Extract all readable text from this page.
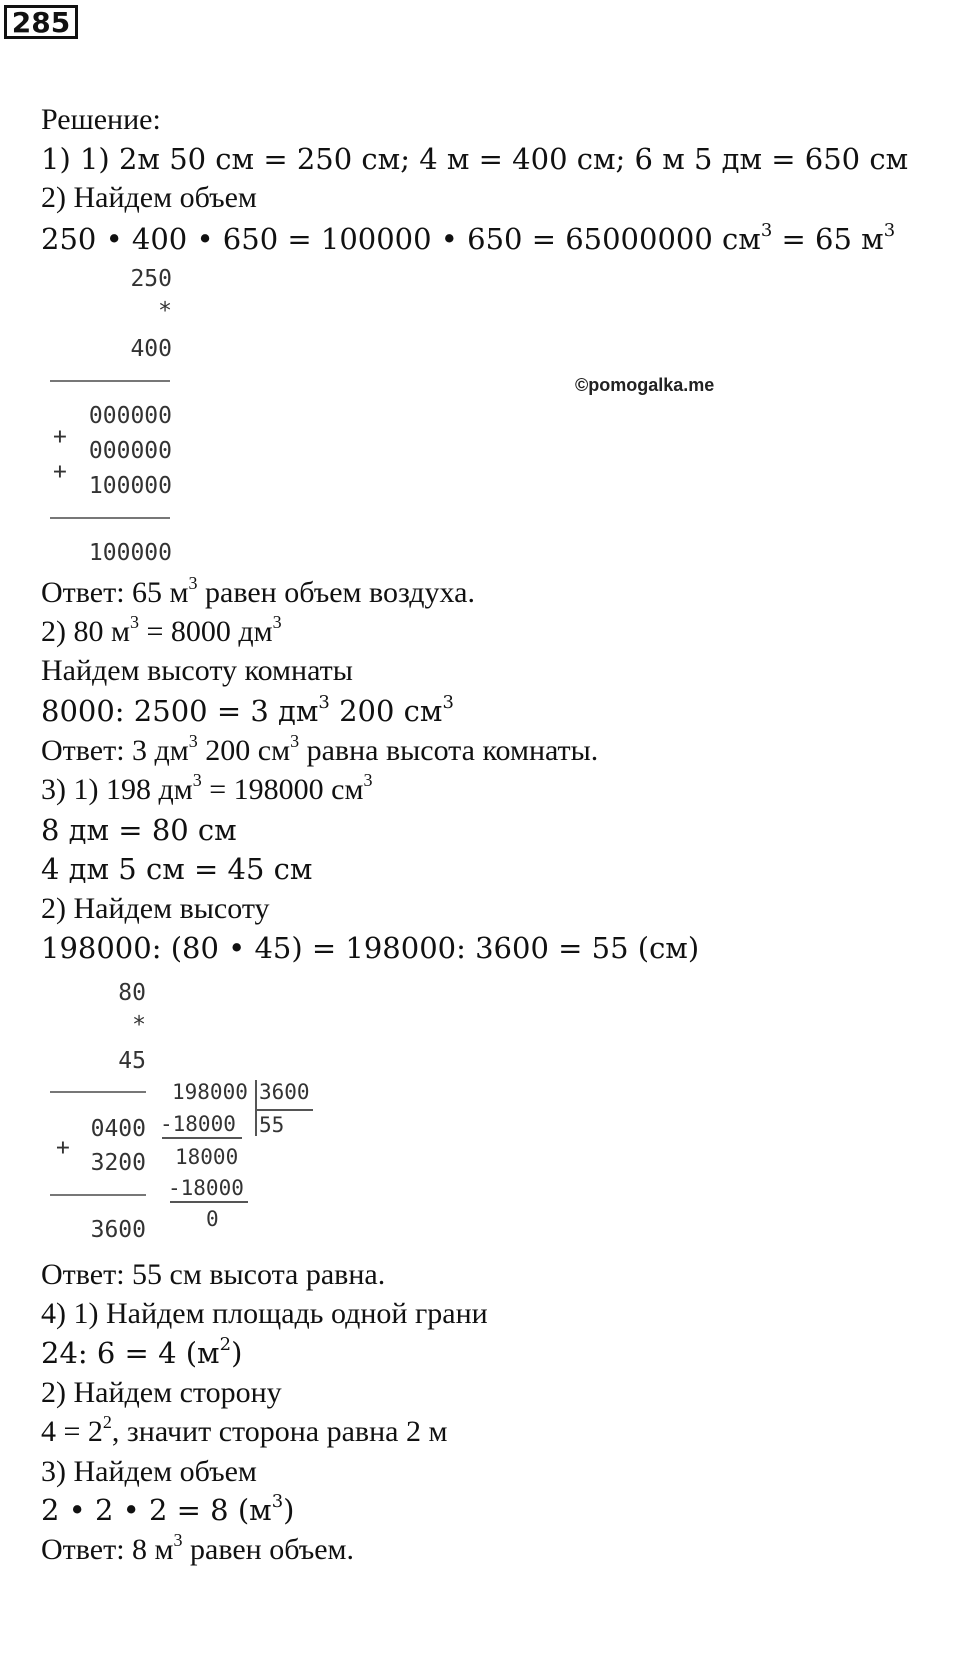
285
Решение:
1) 1) 2м 50 см = 250 см; 4 м = 400 см; 6 м 5 дм = 650 см
2) Найдем объем
250 • 400 • 650 = 100000 • 650 = 65000000 $см^3 = 65$ $м^3$
250
*
400
000000
+
000000
+
100000
100000
©pomogalka.me
Ответ: 65 $м^3$ равен объем воздуха.
2) 80 $м^3 = 8000$ $дм^3$
Найдем высоту комнаты
8000: 2500 = 3 $дм^3$ 200 $см^3$
Ответ: 3 $дм^3$ 200 $см^3$ равна высота комнаты.
3) 1) 198 $дм^3 = 198000$ $см^3$
8 дм = 80 см
4 дм 5 см = 45 см
2) Найдем высоту
198000: (80 • 45) = 198000: 3600 = 55 (см)
80
*
45
0400
+
3200
3600
198000 3600
55
-18000
18000
-18000
0
Ответ: 55 см высота равна.
4) 1) Найдем площадь одной грани
24: 6 = 4 $(м^2)$
2) Найдем сторону
$4 = 2^2$, значит сторона равна 2 м
3) Найдем объем
2 • 2 • 2 = 8 $(м^3)$
Ответ: 8 $м^3$ равен объем.
